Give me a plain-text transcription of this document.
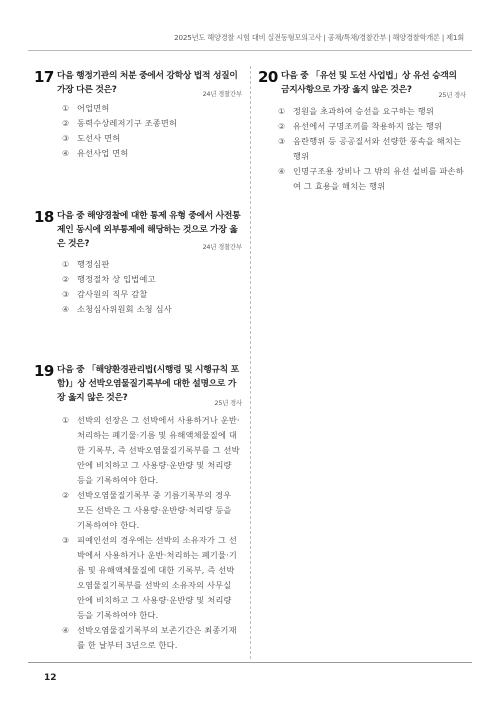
2025년도 해양경찰 시험 대비 실전동형모의고사 | 공채/특채/경찰간부 | 해양경찰학개론 | 제1회
17 다음 행정기관의 처분 중에서 강학상 법적 성질이 가장 다른 것은?	24년 경찰간부
① 어업면허
② 동력수상레저기구 조종면허
③ 도선사 면허
④ 유선사업 면허
18 다음 중 해양경찰에 대한 통제 유형 중에서 사전통제인 동시에 외부통제에 해당하는 것으로 가장 옳은 것은?	24년 경찰간부
① 행정심판
② 행정절차 상 입법예고
③ 감사원의 직무 감찰
④ 소청심사위원회 소청 심사
19 다음 중 「해양환경관리법(시행령 및 시행규칙 포함)」상 선박오염물질기록부에 대한 설명으로 가장 옳지 않은 것은?	25년 경사
① 선박의 선장은 그 선박에서 사용하거나 운반·처리하는 폐기물·기름 및 유해액체물질에 대한 기록부, 즉 선박오염물질기록부를 그 선박 안에 비치하고 그 사용량·운반량 및 처리량 등을 기록하여야 한다.
② 선박오염물질기록부 중 기름기록부의 경우 모든 선박은 그 사용량·운반량·처리량 등을 기록하여야 한다.
③ 피예인선의 경우에는 선박의 소유자가 그 선박에서 사용하거나 운반·처리하는 폐기물·기름 및 유해액체물질에 대한 기록부, 즉 선박오염물질기록부를 선박의 소유자의 사무실 안에 비치하고 그 사용량·운반량 및 처리량 등을 기록하여야 한다.
④ 선박오염물질기록부의 보존기간은 최종기재를 한 날부터 3년으로 한다.
20 다음 중 「유선 및 도선 사업법」상 유선 승객의 금지사항으로 가장 옳지 않은 것은?	25년 경사
① 정원을 초과하여 승선을 요구하는 행위
② 유선에서 구명조끼를 착용하지 않는 행위
③ 음란행위 등 공공질서와 선량한 풍속을 해치는 행위
④ 인명구조용 장비나 그 밖의 유선 설비를 파손하여 그 효용을 해치는 행위
12
